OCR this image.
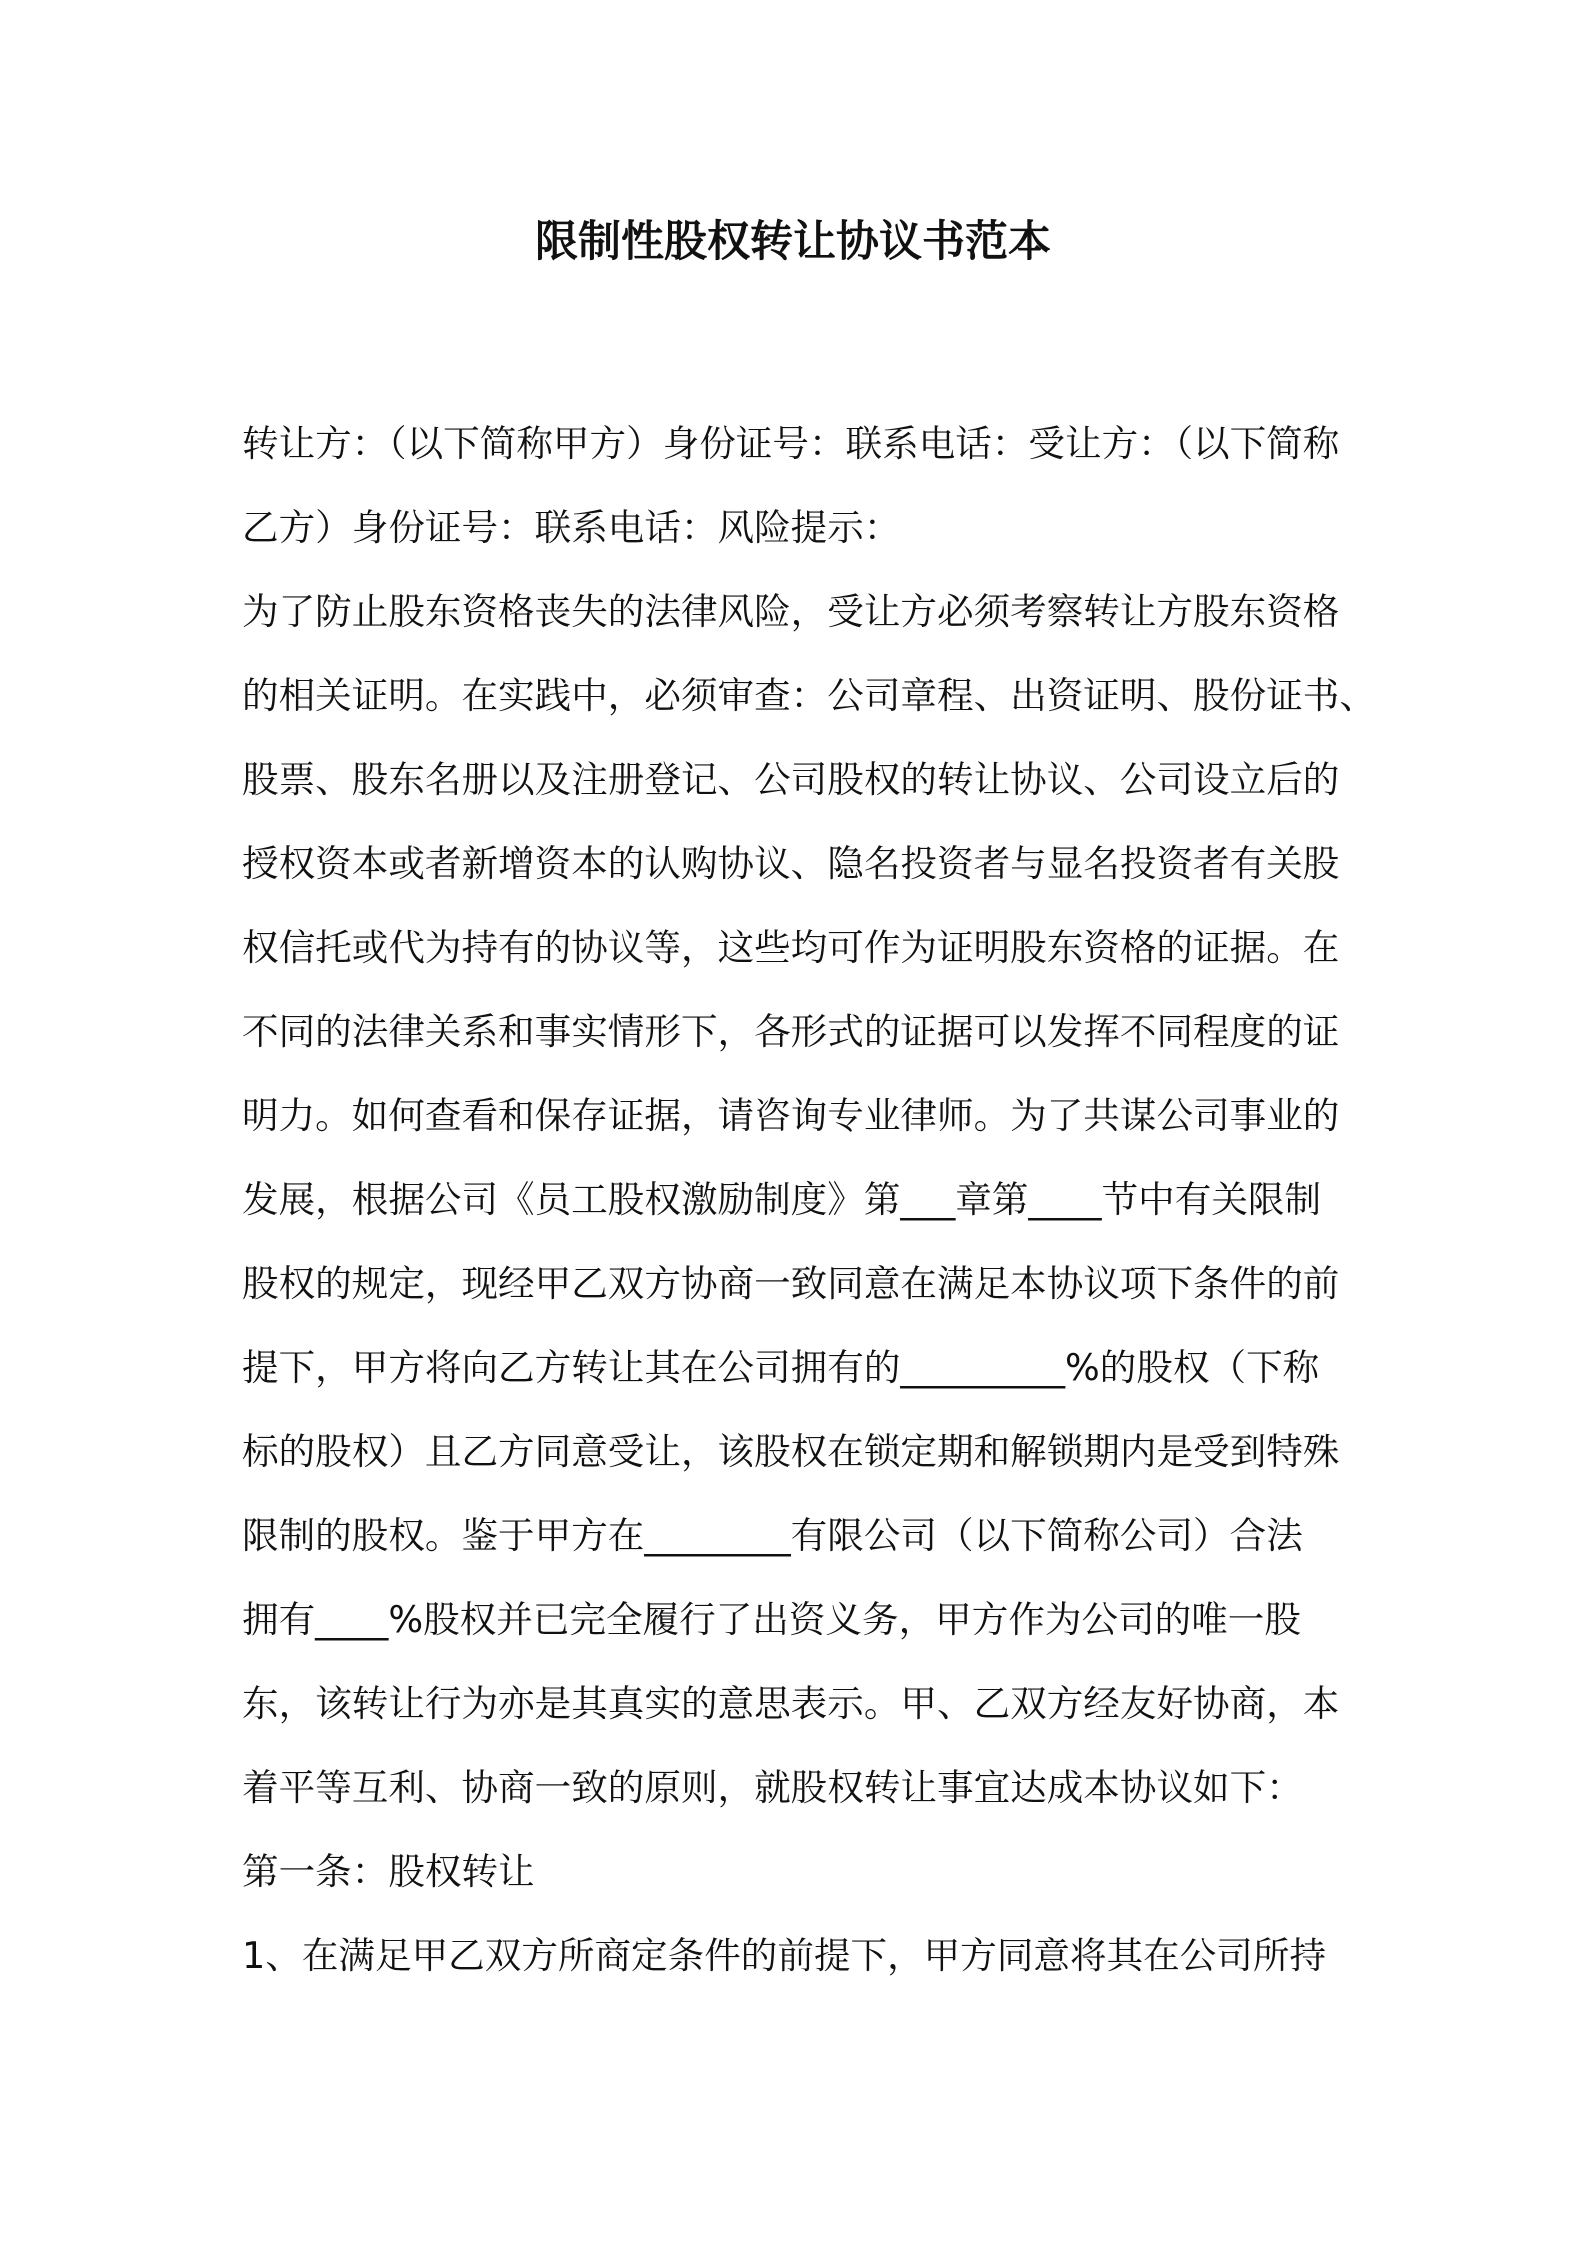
限制性股权转让协议书范本
转让方：（以下简称甲方）身份证号：联系电话：受让方：（以下简称
乙方）身份证号：联系电话：风险提示：
为了防止股东资格丧失的法律风险，受让方必须考察转让方股东资格
的相关证明。在实践中，必须审查：公司章程、出资证明、股份证书、
股票、股东名册以及注册登记、公司股权的转让协议、公司设立后的
授权资本或者新增资本的认购协议、隐名投资者与显名投资者有关股
权信托或代为持有的协议等，这些均可作为证明股东资格的证据。在
不同的法律关系和事实情形下，各形式的证据可以发挥不同程度的证
明力。如何查看和保存证据，请咨询专业律师。为了共谋公司事业的
发展，根据公司《员工股权激励制度》第___章第____节中有关限制
股权的规定，现经甲乙双方协商一致同意在满足本协议项下条件的前
提下，甲方将向乙方转让其在公司拥有的_________%的股权（下称
标的股权）且乙方同意受让，该股权在锁定期和解锁期内是受到特殊
限制的股权。鉴于甲方在________有限公司（以下简称公司）合法
拥有____%股权并已完全履行了出资义务，甲方作为公司的唯一股
东，该转让行为亦是其真实的意思表示。甲、乙双方经友好协商，本
着平等互利、协商一致的原则，就股权转让事宜达成本协议如下：
第一条：股权转让
1、在满足甲乙双方所商定条件的前提下，甲方同意将其在公司所持
